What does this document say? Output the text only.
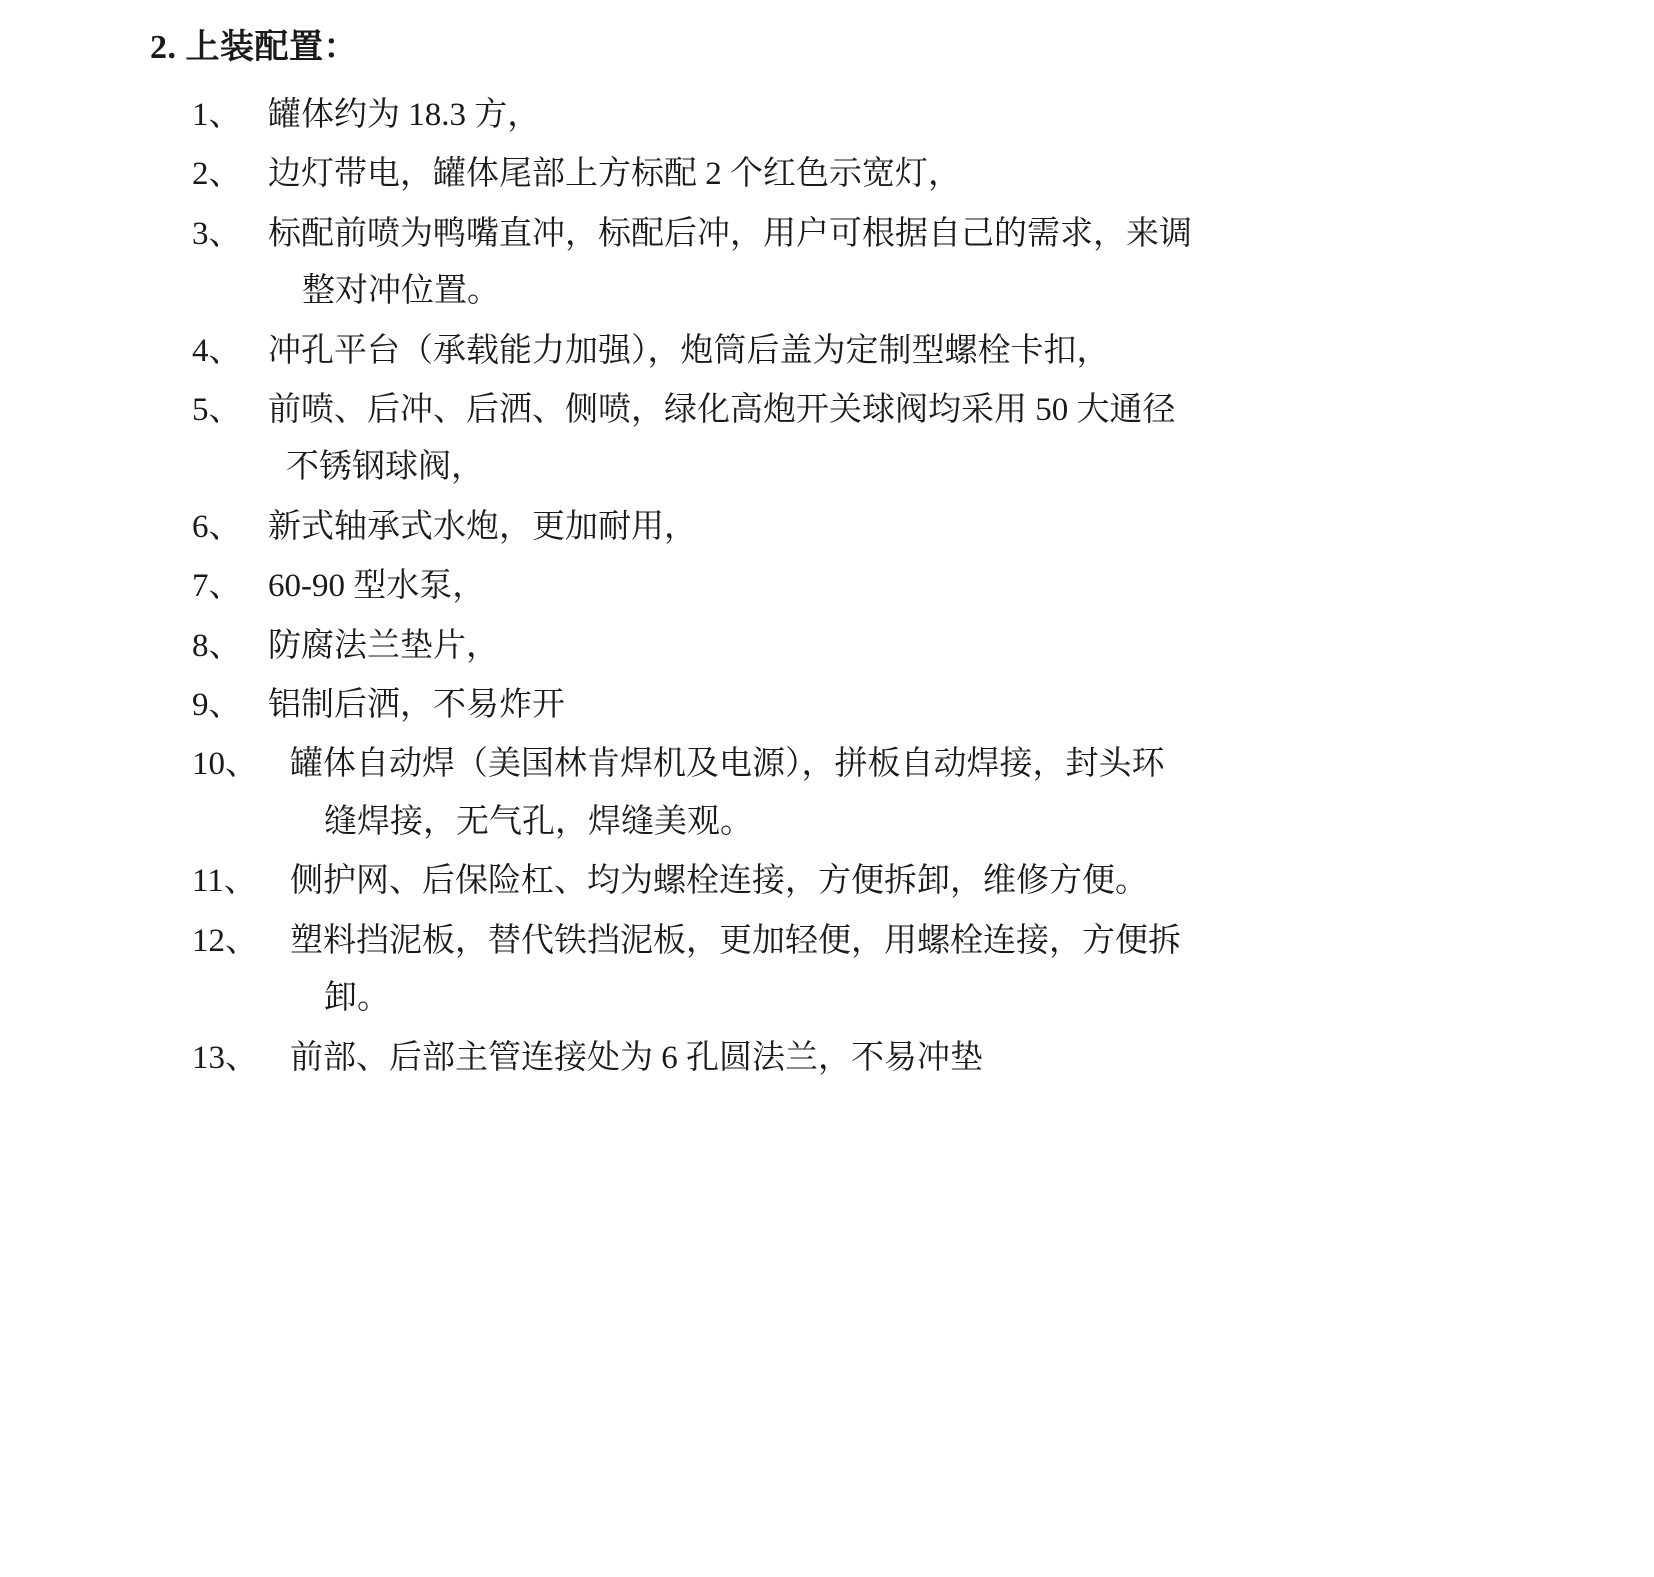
2. 上装配置：
1、 罐体约为 18.3 方，
2、 边灯带电，罐体尾部上方标配 2 个红色示宽灯，
3、 标配前喷为鸭嘴直冲，标配后冲，用户可根据自己的需求，来调
整对冲位置。
4、 冲孔平台（承载能力加强），炮筒后盖为定制型螺栓卡扣，
5、 前喷、后冲、后洒、侧喷，绿化高炮开关球阀均采用 50 大通径
不锈钢球阀，
6、 新式轴承式水炮，更加耐用，
7、 60-90 型水泵，
8、 防腐法兰垫片，
9、 铝制后洒，不易炸开
10、 罐体自动焊（美国林肯焊机及电源），拼板自动焊接，封头环
缝焊接，无气孔，焊缝美观。
11、	侧护网、后保险杠、均为螺栓连接，方便拆卸，维修方便。
12、 塑料挡泥板，替代铁挡泥板，更加轻便，用螺栓连接，方便拆
卸。
13、 前部、后部主管连接处为 6 孔圆法兰，不易冲垫
